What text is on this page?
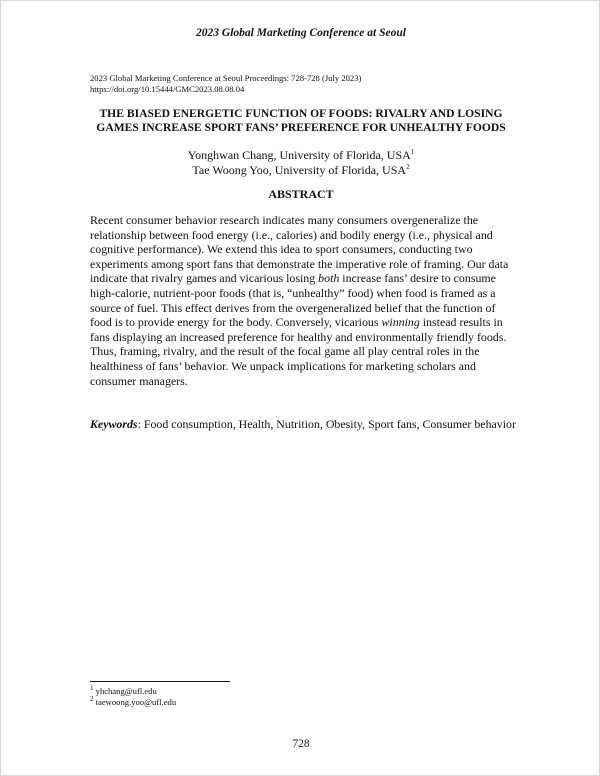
2023 Global Marketing Conference at Seoul
2023 Global Marketing Conference at Seoul Proceedings: 728-728 (July 2023)
https://doi.org/10.15444/GMC2023.08.08.04
THE BIASED ENERGETIC FUNCTION OF FOODS: RIVALRY AND LOSING
GAMES INCREASE SPORT FANS’ PREFERENCE FOR UNHEALTHY FOODS
Yonghwan Chang, University of Florida, USA$^1$
Tae Woong Yoo, University of Florida, USA$^2$
ABSTRACT

Recent consumer behavior research indicates many consumers overgeneralize the relationship between food energy (i.e., calories) and bodily energy (i.e., physical and cognitive performance). We extend this idea to sport consumers, conducting two experiments among sport fans that demonstrate the imperative role of framing. Our data indicate that rivalry games and vicarious losing both increase fans’ desire to consume high-calorie, nutrient-poor foods (that is, “unhealthy” food) when food is framed as a source of fuel. This effect derives from the overgeneralized belief that the function of food is to provide energy for the body. Conversely, vicarious winning instead results in fans displaying an increased preference for healthy and environmentally friendly foods. Thus, framing, rivalry, and the result of the focal game all play central roles in the healthiness of fans’ behavior. We unpack implications for marketing scholars and consumer managers.

Keywords: Food consumption, Health, Nutrition, Obesity, Sport fans, Consumer behavior
$^1$ yhchang@ufl.edu
$^2$ taewoong.yoo@ufl.edu
728
